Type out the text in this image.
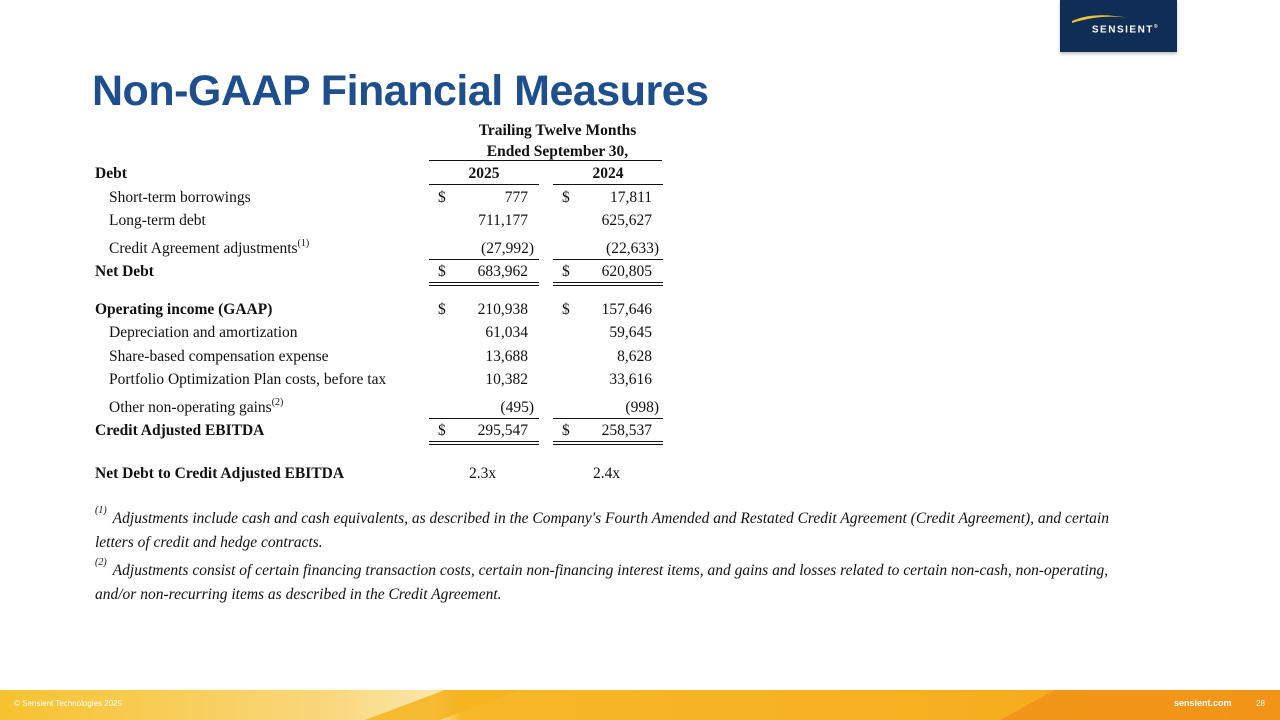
SENSIENT®
Non-GAAP Financial Measures
Trailing Twelve Months
Ended September 30,
Debt	2025	2024
Short-term borrowings	$	777 $	17,811
Long-term debt	711,177	625,627
Credit Agreement adjustments$^{(1)}$	(27,992)	(22,633)
Net Debt	$	683,962 $	620,805
Operating income (GAAP)	$	210,938 $	157,646
Depreciation and amortization	61,034	59,645
Share-based compensation expense	13,688	8,628
Portfolio Optimization Plan costs, before tax	10,382	33,616
Other non-operating gains$^{(2)}$	(495)	(998)
Credit Adjusted EBITDA	$	295,547 $	258,537
Net Debt to Credit Adjusted EBITDA	2.3x	2.4x
$^{(1)}$ Adjustments include cash and cash equivalents, as described in the Company's Fourth Amended and Restated Credit Agreement (Credit Agreement), and certain letters of credit and hedge contracts.
$^{(2)}$ Adjustments consist of certain financing transaction costs, certain non-financing interest items, and gains and losses related to certain non-cash, non-operating, and/or non-recurring items as described in the Credit Agreement.
© Sensient Technologies 2025	sensient.com	28
